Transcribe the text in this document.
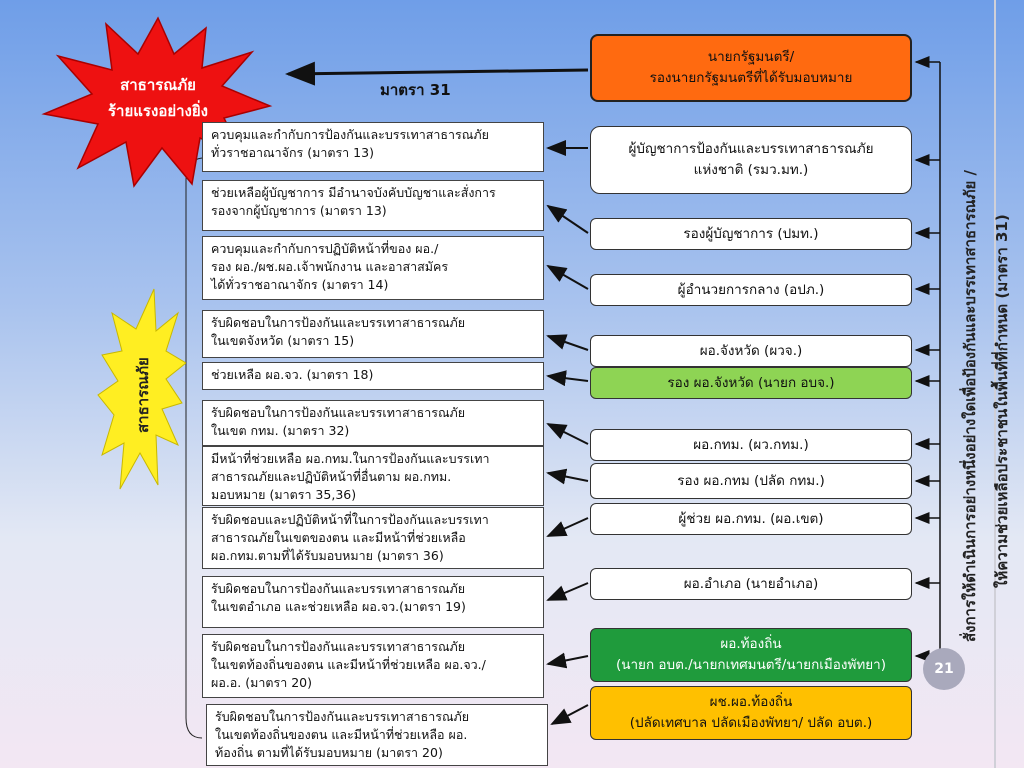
สาธารณภัย
ร้ายแรงอย่างยิ่ง
สาธารณภัย
มาตรา 31
ควบคุมและกำกับการป้องกันและบรรเทาสาธารณภัย
ทั่วราชอาณาจักร (มาตรา 13)
ช่วยเหลือผู้บัญชาการ มีอำนาจบังคับบัญชาและสั่งการ
รองจากผู้บัญชาการ (มาตรา 13)
ควบคุมและกำกับการปฏิบัติหน้าที่ของ ผอ./
รอง ผอ./ผช.ผอ.เจ้าพนักงาน และอาสาสมัคร
ได้ทั่วราชอาณาจักร (มาตรา 14)
รับผิดชอบในการป้องกันและบรรเทาสาธารณภัย
ในเขตจังหวัด (มาตรา 15)
ช่วยเหลือ ผอ.จว. (มาตรา 18)
รับผิดชอบในการป้องกันและบรรเทาสาธารณภัย
ในเขต กทม. (มาตรา 32)
มีหน้าที่ช่วยเหลือ ผอ.กทม.ในการป้องกันและบรรเทา
สาธารณภัยและปฏิบัติหน้าที่อื่นตาม ผอ.กทม.
มอบหมาย (มาตรา 35,36)
รับผิดชอบและปฏิบัติหน้าที่ในการป้องกันและบรรเทา
สาธารณภัยในเขตของตน และมีหน้าที่ช่วยเหลือ
ผอ.กทม.ตามที่ได้รับมอบหมาย (มาตรา 36)
รับผิดชอบในการป้องกันและบรรเทาสาธารณภัย
ในเขตอำเภอ และช่วยเหลือ ผอ.จว.(มาตรา 19)
รับผิดชอบในการป้องกันและบรรเทาสาธารณภัย
ในเขตท้องถิ่นของตน และมีหน้าที่ช่วยเหลือ ผอ.จว./
ผอ.อ. (มาตรา 20)
รับผิดชอบในการป้องกันและบรรเทาสาธารณภัย
ในเขตท้องถิ่นของตน และมีหน้าที่ช่วยเหลือ ผอ.
ท้องถิ่น ตามที่ได้รับมอบหมาย (มาตรา 20)
นายกรัฐมนตรี/
รองนายกรัฐมนตรีที่ได้รับมอบหมาย
ผู้บัญชาการป้องกันและบรรเทาสาธารณภัย
แห่งชาติ (รมว.มท.)
รองผู้บัญชาการ (ปมท.)
ผู้อำนวยการกลาง (อปภ.)
ผอ.จังหวัด (ผวจ.)
รอง ผอ.จังหวัด (นายก อบจ.)
ผอ.กทม. (ผว.กทม.)
รอง ผอ.กทม (ปลัด กทม.)
ผู้ช่วย ผอ.กทม. (ผอ.เขต)
ผอ.อำเภอ (นายอำเภอ)
ผอ.ท้องถิ่น
(นายก อบต./นายกเทศมนตรี/นายกเมืองพัทยา)
ผช.ผอ.ท้องถิ่น
(ปลัดเทศบาล ปลัดเมืองพัทยา/ ปลัด อบต.)
สั่งการให้ดำเนินการอย่างหนึ่งอย่างใดเพื่อป้องกันและบรรเทาสาธารณภัย / ให้ความช่วยเหลือประชาชนในพื้นที่ที่กำหนด (มาตรา 31)
21
